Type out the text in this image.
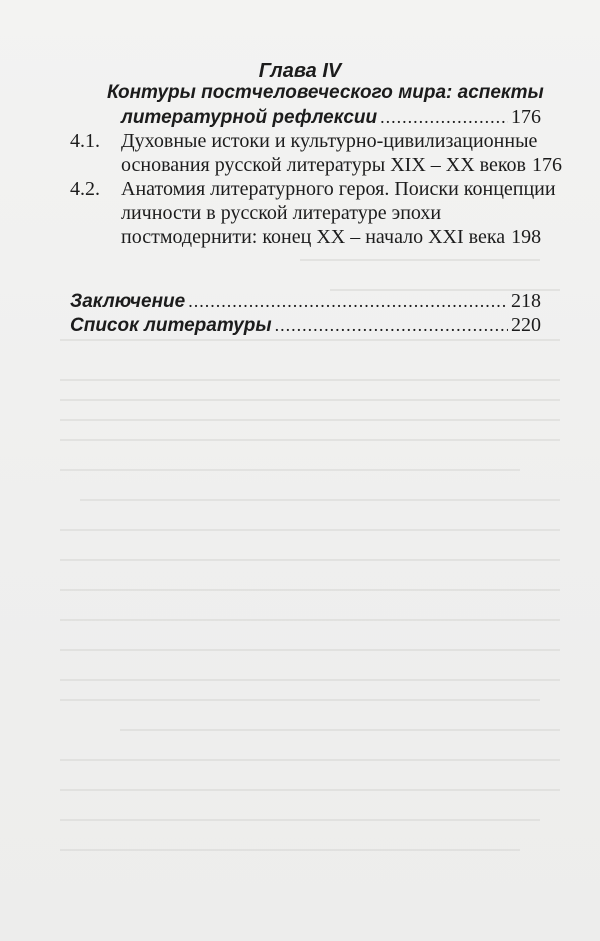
Глава IV
Контуры постчеловеческого мира: аспекты
литературной рефлексии .....	176
4.1. Духовные истоки и культурно-цивилизационные
основания русской литературы XIX – XX веков 176
4.2. Анатомия литературного героя. Поиски концепции
личности в русской литературе эпохи
постмодернити: конец XX – начало XXI века 198
Заключение .....	218
Список литературы .....	220
